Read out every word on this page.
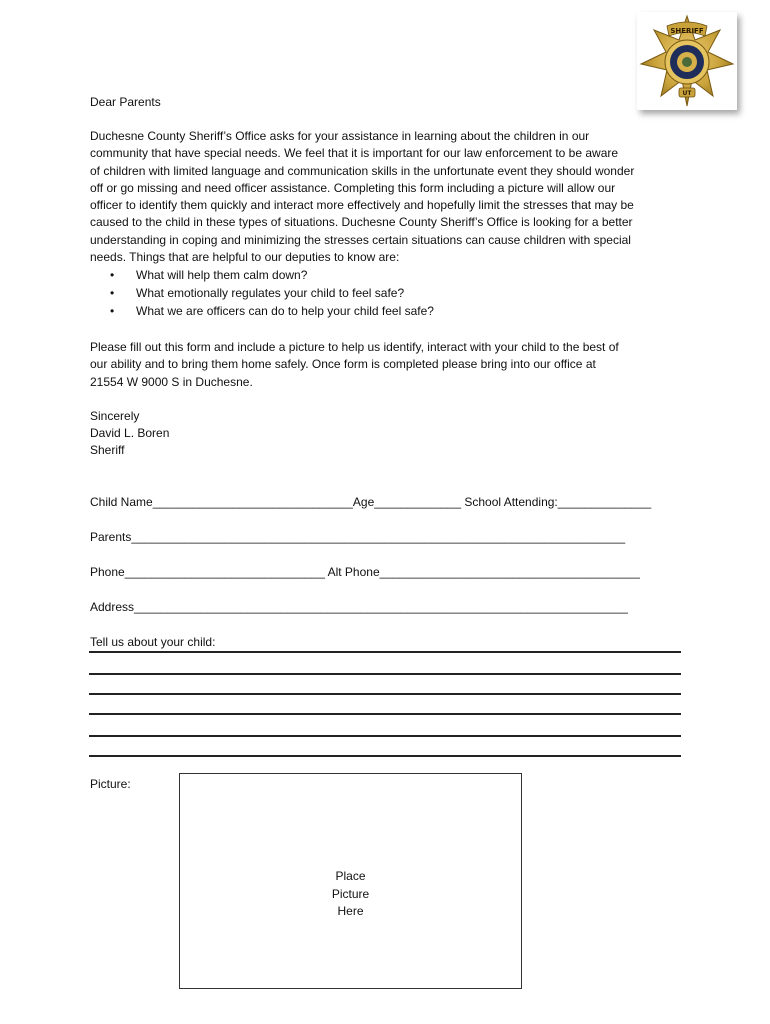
SHERIFF
UT
Dear Parents
Duchesne County Sheriff’s Office asks for your assistance in learning about the children in our
community that have special needs. We feel that it is important for our law enforcement to be aware
of children with limited language and communication skills in the unfortunate event they should wonder
off or go missing and need officer assistance. Completing this form including a picture will allow our
officer to identify them quickly and interact more effectively and hopefully limit the stresses that may be
caused to the child in these types of situations. Duchesne County Sheriff’s Office is looking for a better
understanding in coping and minimizing the stresses certain situations can cause children with special
needs. Things that are helpful to our deputies to know are:
• What will help them calm down?
• What emotionally regulates your child to feel safe?
• What we are officers can do to help your child feel safe?
Please fill out this form and include a picture to help us identify, interact with your child to the best of
our ability and to bring them home safely. Once form is completed please bring into our office at
21554 W 9000 S in Duchesne.
Sincerely
David L. Boren
Sheriff
Child Name______________________________Age_____________ School Attending:______________
Parents__________________________________________________________________________
Phone______________________________ Alt Phone_______________________________________
Address__________________________________________________________________________
Tell us about your child:
Picture:
Place
Picture
Here
